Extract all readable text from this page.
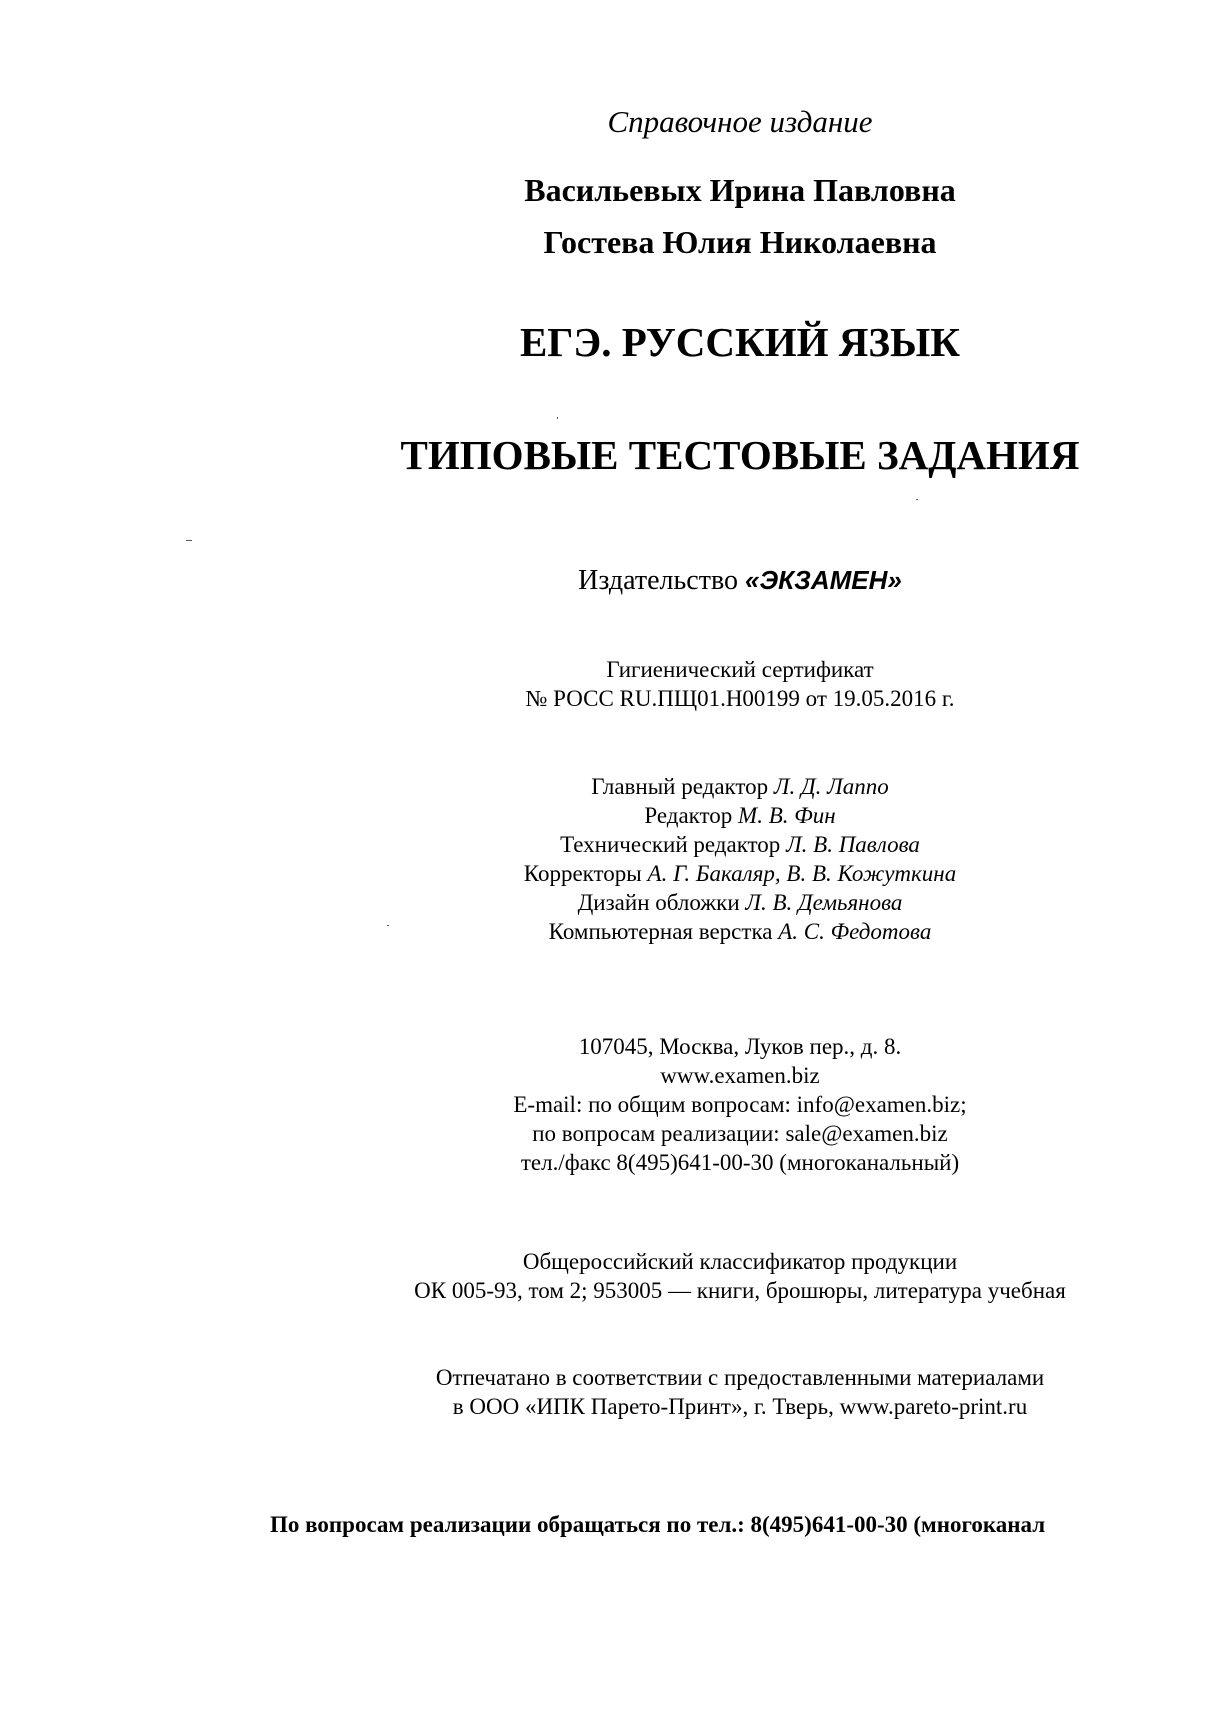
Справочное издание
Васильевых Ирина Павловна
Гостева Юлия Николаевна
ЕГЭ. РУССКИЙ ЯЗЫК
ТИПОВЫЕ ТЕСТОВЫЕ ЗАДАНИЯ
Издательство «ЭКЗАМЕН»
Гигиенический сертификат
№ РОСС RU.ПЩ01.Н00199 от 19.05.2016 г.
Главный редактор Л. Д. Лаппо
Редактор М. В. Фин
Технический редактор Л. В. Павлова
Корректоры А. Г. Бакаляр, В. В. Кожуткина
Дизайн обложки Л. В. Демьянова
Компьютерная верстка А. С. Федотова
107045, Москва, Луков пер., д. 8.
www.examen.biz
E-mail: по общим вопросам: info@examen.biz;
по вопросам реализации: sale@examen.biz
тел./факс 8(495)641-00-30 (многоканальный)
Общероссийский классификатор продукции
ОК 005-93, том 2; 953005 — книги, брошюры, литература учебная
Отпечатано в соответствии с предоставленными материалами
в ООО «ИПК Парето-Принт», г. Тверь, www.pareto-print.ru
По вопросам реализации обращаться по тел.: 8(495)641-00-30 (многоканал
